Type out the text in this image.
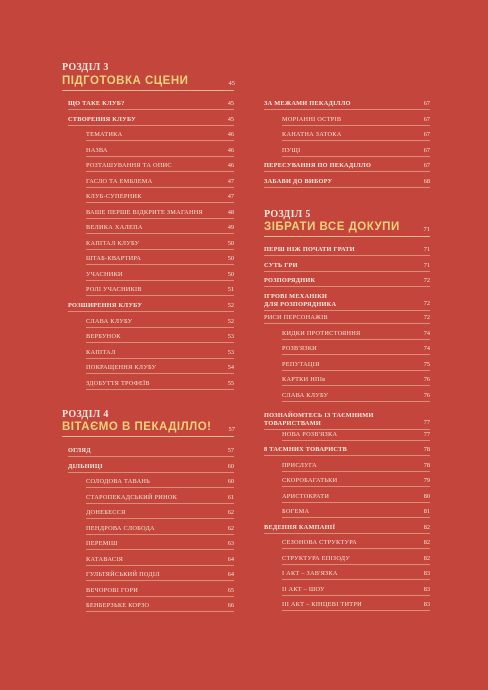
РОЗДІЛ 3
ПІДГОТОВКА СЦЕНИ	45
ЩО ТАКЕ КЛУБ?	45
СТВОРЕННЯ КЛУБУ	45
ТЕМАТИКА	46
НАЗВА	46
РОЗТАШУВАННЯ ТА ОПИС	46
ГАСЛО ТА ЕМБЛЕМА	47
КЛУБ-СУПЕРНИК	47
ВАШЕ ПЕРШЕ ВІДКРИТЕ ЗМАГАННЯ	48
ВЕЛИКА ХАЛЕПА	49
КАПІТАЛ КЛУБУ	50
ШТАБ-КВАРТИРА	50
УЧАСНИКИ	50
РОЛІ УЧАСНИКІВ	51
РОЗШИРЕННЯ КЛУБУ	52
СЛАВА КЛУБУ	52
ВЕРБУНОК	53
КАПІТАЛ	53
ПОКРАЩЕННЯ КЛУБУ	54
ЗДОБУТТЯ ТРОФЕЇВ	55
РОЗДІЛ 4
ВІТАЄМО В ПЕКАДІЛЛО!	57
ОГЛЯД	57
ДІЛЬНИЦІ	60
СОЛОДОВА ТАВАНЬ	60
СТАРОПЕКАДСЬКИЙ РИНОК	61
ДОНЕБЕССЯ	62
ПЕНДРОВА СЛОБОДА	62
ПЕРЕМІШ	63
КАТАВАСІЯ	64
ГУЛЬТЯЙСЬКИЙ ПОДІЛ	64
ВЕЧОРОВІ ГОРИ	65
БЕНБЕРЗЬКЕ КОРЗО	66
ЗА МЕЖАМИ ПЕКАДІЛЛО	67
МОРІАННІ ОСТРІВ	67
КАНАТНА ЗАТОКА	67
ПУЩІ	67
ПЕРЕСУВАННЯ ПО ПЕКАДІЛЛО	67
ЗАБАВИ ДО ВИБОРУ	68
РОЗДІЛ 5
ЗІБРАТИ ВСЕ ДОКУПИ	71
ПЕРШ НІЖ ПОЧАТИ ГРАТИ	71
СУТЬ ГРИ	71
РОЗПОРЯДНИК	72
ІГРОВІ МЕХАНІКИ
ДЛЯ РОЗПОРЯДНИКА	72
РИСИ ПЕРСОНАЖІВ	72
КИДКИ ПРОТИСТОЯННЯ	74
РОЗВ'ЯЗКИ	74
РЕПУТАЦІЯ	75
КАРТКИ НПІв	76
СЛАВА КЛУБУ	76
ПОЗНАЙОМТЕСЬ ІЗ ТАЄМНИМИ
ТОВАРИСТВАМИ	77
НОВА РОЗВ'ЯЗКА	77
8 ТАЄМНИХ ТОВАРИСТВ	78
ПРИСЛУГА	78
СКОРОБАГАТЬКИ	79
АРИСТОКРАТИ	80
БОГЕМА	81
ВЕДЕННЯ КАМПАНІЇ	82
СЕЗОНОВА СТРУКТУРА	82
СТРУКТУРА ЕПІЗОДУ	82
І АКТ – ЗАВ'ЯЗКА	83
ІІ АКТ – ШОУ	83
ІІІ АКТ – КІНЦЕВІ ТИТРИ	83
